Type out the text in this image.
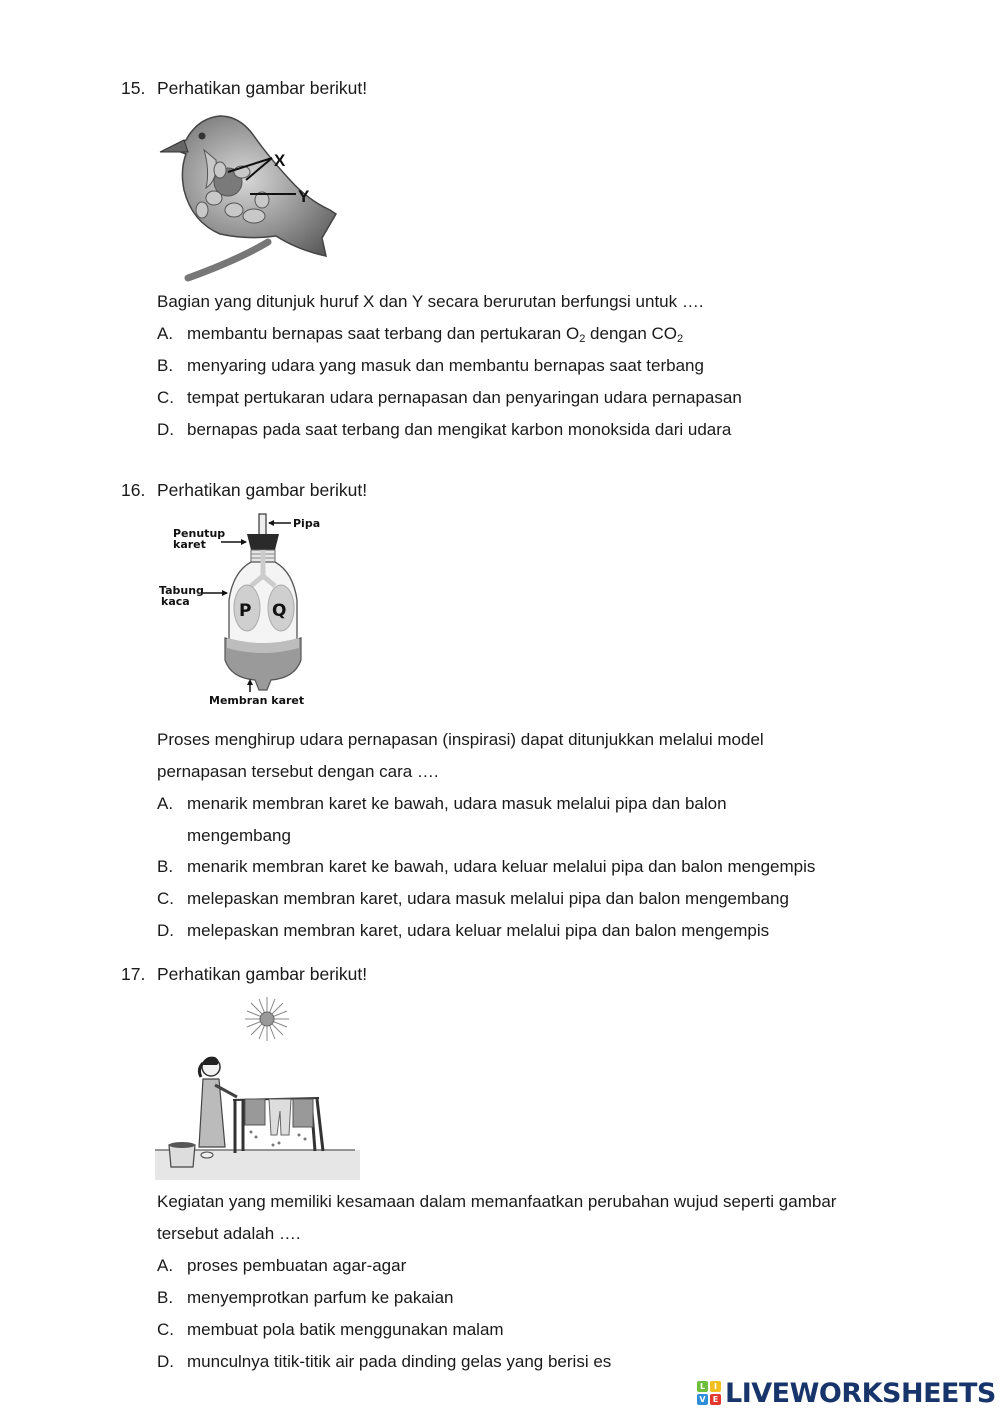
15. Perhatikan gambar berikut!
X
Y
Bagian yang ditunjuk huruf X dan Y secara berurutan berfungsi untuk ….
A. membantu bernapas saat terbang dan pertukaran $O_2$ dengan $CO_2$
B. menyaring udara yang masuk dan membantu bernapas saat terbang
C. tempat pertukaran udara pernapasan dan penyaringan udara pernapasan
D. bernapas pada saat terbang dan mengikat karbon monoksida dari udara
16. Perhatikan gambar berikut!
P Q
Pipa
Penutup
karet
Tabung
kaca
Membran karet
Proses menghirup udara pernapasan (inspirasi) dapat ditunjukkan melalui model pernapasan tersebut dengan cara ….
A. menarik membran karet ke bawah, udara masuk melalui pipa dan balon mengembang
B. menarik membran karet ke bawah, udara keluar melalui pipa dan balon mengempis
C. melepaskan membran karet, udara masuk melalui pipa dan balon mengembang
D. melepaskan membran karet, udara keluar melalui pipa dan balon mengempis
17. Perhatikan gambar berikut!
Kegiatan yang memiliki kesamaan dalam memanfaatkan perubahan wujud seperti gambar tersebut adalah ….
A. proses pembuatan agar-agar
B. menyemprotkan parfum ke pakaian
C. membuat pola batik menggunakan malam
D. munculnya titik-titik air pada dinding gelas yang berisi es
L	I
V E LIVEWORKSHEETS
